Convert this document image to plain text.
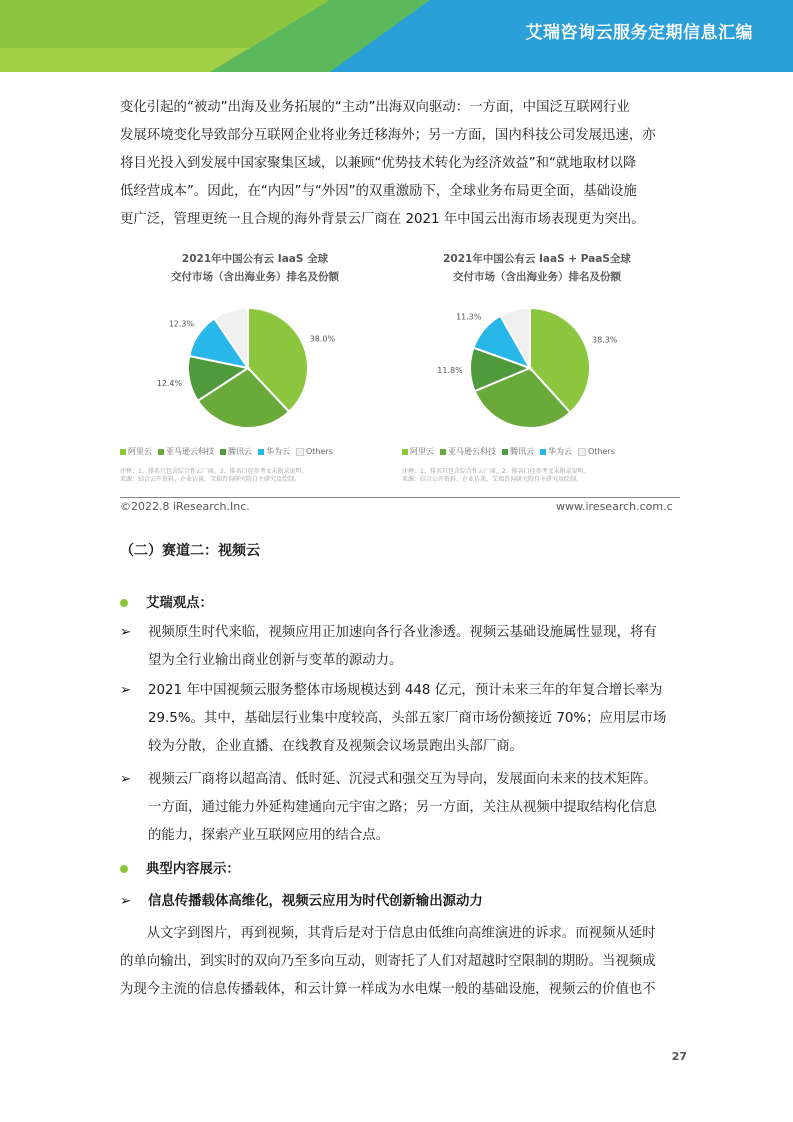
艾瑞咨询云服务定期信息汇编
变化引起的“被动”出海及业务拓展的“主动”出海双向驱动：一方面，中国泛互联网行业
发展环境变化导致部分互联网企业将业务迁移海外；另一方面，国内科技公司发展迅速，亦
将目光投入到发展中国家聚集区域，以兼顾“优势技术转化为经济效益”和“就地取材以降
低经营成本”。因此，在“内因”与“外因”的双重激励下，全球业务布局更全面，基础设施
更广泛，管理更统一且合规的海外背景云厂商在 2021 年中国云出海市场表现更为突出。
2021年中国公有云 IaaS 全球
交付市场（含出海业务）排名及份额
38.0%
12.4%
12.3%
阿里云 亚马逊云科技 腾讯云 华为云 Others
注释：1、排名只包含综合性云厂商。2、排名口径参考文末附录说明。
来源：结合公开资料、企业访谈、艾瑞咨询研究院自主研究及绘制。
2021年中国公有云 IaaS + PaaS全球
交付市场（含出海业务）排名及份额
38.3%
11.8%
11.3%
阿里云 亚马逊云科技 腾讯云 华为云 Others
注释：1、排名只包含综合性云厂商。2、排名口径参考文末附录说明。
来源：结合公开资料、企业访谈、艾瑞咨询研究院自主研究及绘制。
©2022.8 iResearch.Inc.	www.iresearch.com.c
（二）赛道二：视频云
艾瑞观点：
➢	视频原生时代来临，视频应用正加速向各行各业渗透。视频云基础设施属性显现，将有
望为全行业输出商业创新与变革的源动力。
➢	2021 年中国视频云服务整体市场规模达到 448 亿元，预计未来三年的年复合增长率为
29.5%。其中，基础层行业集中度较高，头部五家厂商市场份额接近 70%；应用层市场
较为分散，企业直播、在线教育及视频会议场景跑出头部厂商。
➢	视频云厂商将以超高清、低时延、沉浸式和强交互为导向，发展面向未来的技术矩阵。
一方面，通过能力外延构建通向元宇宙之路；另一方面，关注从视频中提取结构化信息
的能力，探索产业互联网应用的结合点。
典型内容展示：
➢	信息传播载体高维化，视频云应用为时代创新输出源动力
　　从文字到图片，再到视频，其背后是对于信息由低维向高维演进的诉求。而视频从延时
的单向输出，到实时的双向乃至多向互动，则寄托了人们对超越时空限制的期盼。当视频成
为现今主流的信息传播载体，和云计算一样成为水电煤一般的基础设施，视频云的价值也不
27
